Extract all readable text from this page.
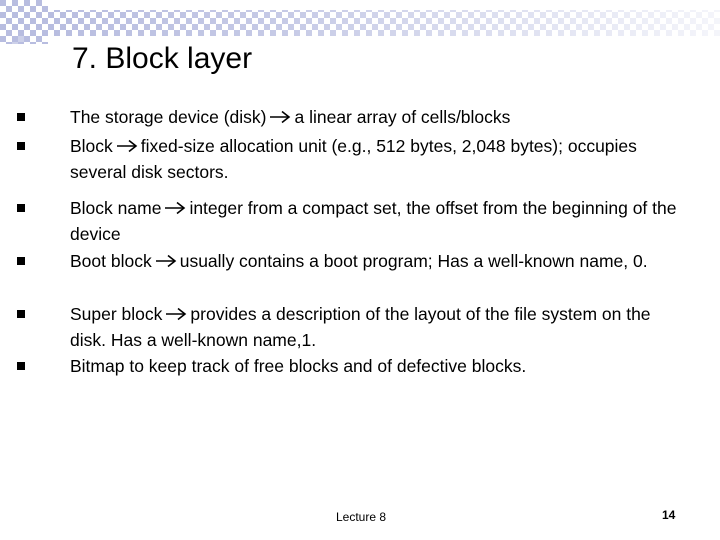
7. Block layer
The storage device (disk) a linear array of cells/blocks
Block fixed-size allocation unit (e.g., 512 bytes, 2,048 bytes); occupies several disk sectors.
Block name integer from a compact set, the offset from the beginning of the device
Boot block usually contains a boot program; Has a well-known name, 0.
Super block provides a description of the layout of the file system on the disk. Has a well-known name,1.
Bitmap to keep track of free blocks and of defective blocks.
Lecture 8	14
